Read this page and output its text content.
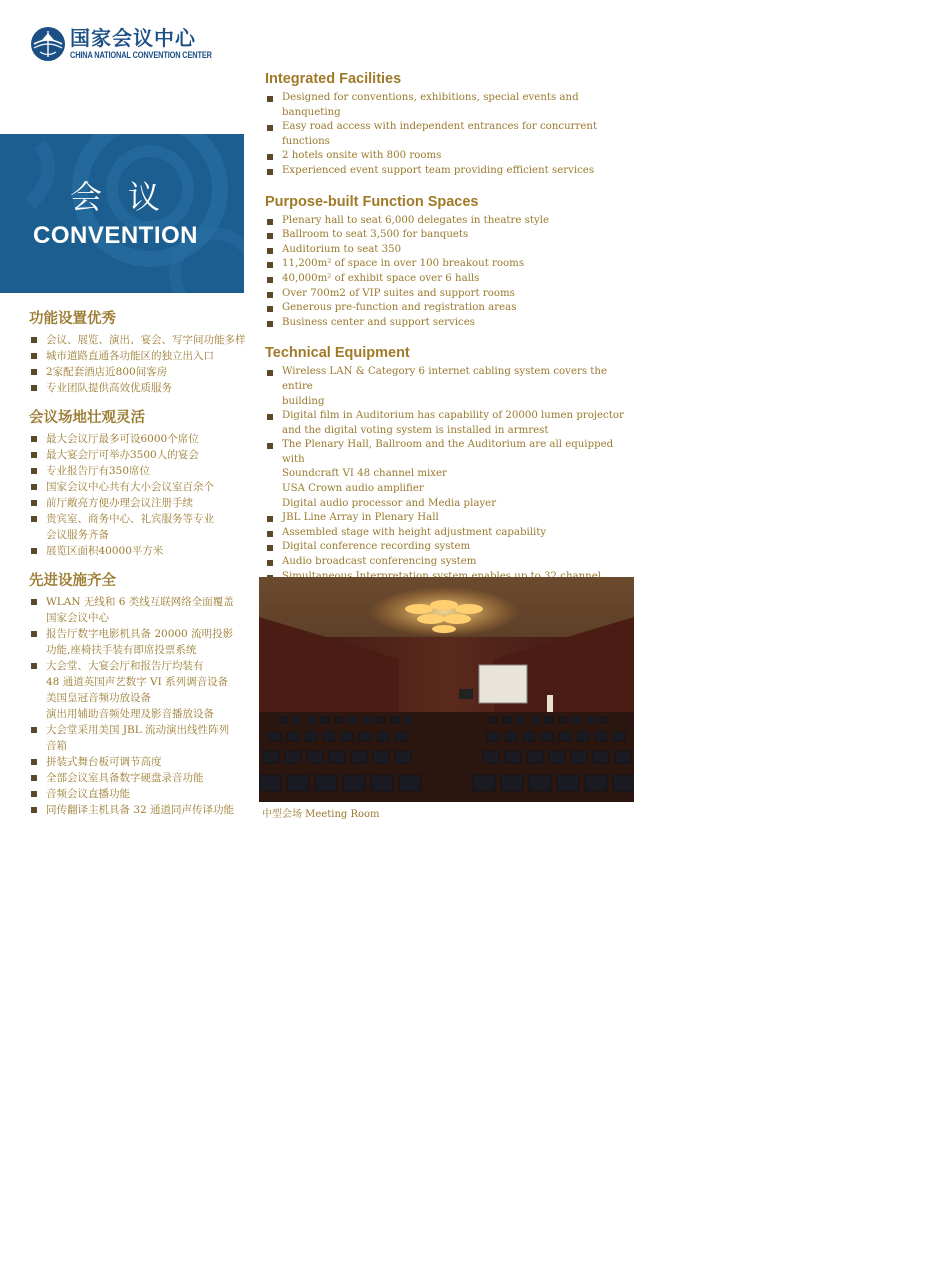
国家会议中心
CHINA NATIONAL CONVENTION CENTER
会议
CONVENTION
功能设置优秀
会议、展览、演出、宴会、写字间功能多样
城市道路直通各功能区的独立出入口
2家配套酒店近800间客房
专业团队提供高效优质服务
会议场地壮观灵活
最大会议厅最多可设6000个席位
最大宴会厅可举办3500人的宴会
专业报告厅有350席位
国家会议中心共有大小会议室百余个
前厅敞亮方便办理会议注册手续
贵宾室、商务中心、礼宾服务等专业
会议服务齐备
展览区面积40000平方米
先进设施齐全
WLAN 无线和 6 类线互联网络全面覆盖
国家会议中心
报告厅数字电影机具备 20000 流明投影
功能,座椅扶手装有即席投票系统
大会堂、大宴会厅和报告厅均装有
48 通道英国声艺数字 VI 系列调音设备
美国皇冠音频功放设备
演出用辅助音频处理及影音播放设备
大会堂采用美国 JBL 流动演出线性阵列
音箱
拼装式舞台板可调节高度
全部会议室具备数字硬盘录音功能
音频会议直播功能
同传翻译主机具备 32 通道同声传译功能
Integrated Facilities
Designed for conventions, exhibitions, special events and banqueting
Easy road access with independent entrances for concurrent functions
2 hotels onsite with 800 rooms
Experienced event support team providing efficient services
Purpose-built Function Spaces
Plenary hall to seat 6,000 delegates in theatre style
Ballroom to seat 3,500 for banquets
Auditorium to seat 350
11,200m² of space in over 100 breakout rooms
40,000m² of exhibit space over 6 halls
Over 700m2 of VIP suites and support rooms
Generous pre-function and registration areas
Business center and support services
Technical Equipment
Wireless LAN & Category 6 internet cabling system covers the entire
building
Digital film in Auditorium has capability of 20000 lumen projector
and the digital voting system is installed in armrest
The Plenary Hall, Ballroom and the Auditorium are all equipped
with
Soundcraft VI 48 channel mixer
USA Crown audio amplifier
Digital audio processor and Media player
JBL Line Array in Plenary Hall
Assembled stage with height adjustment capability
Digital conference recording system
Audio broadcast conferencing system
中型会场 Meeting Room
